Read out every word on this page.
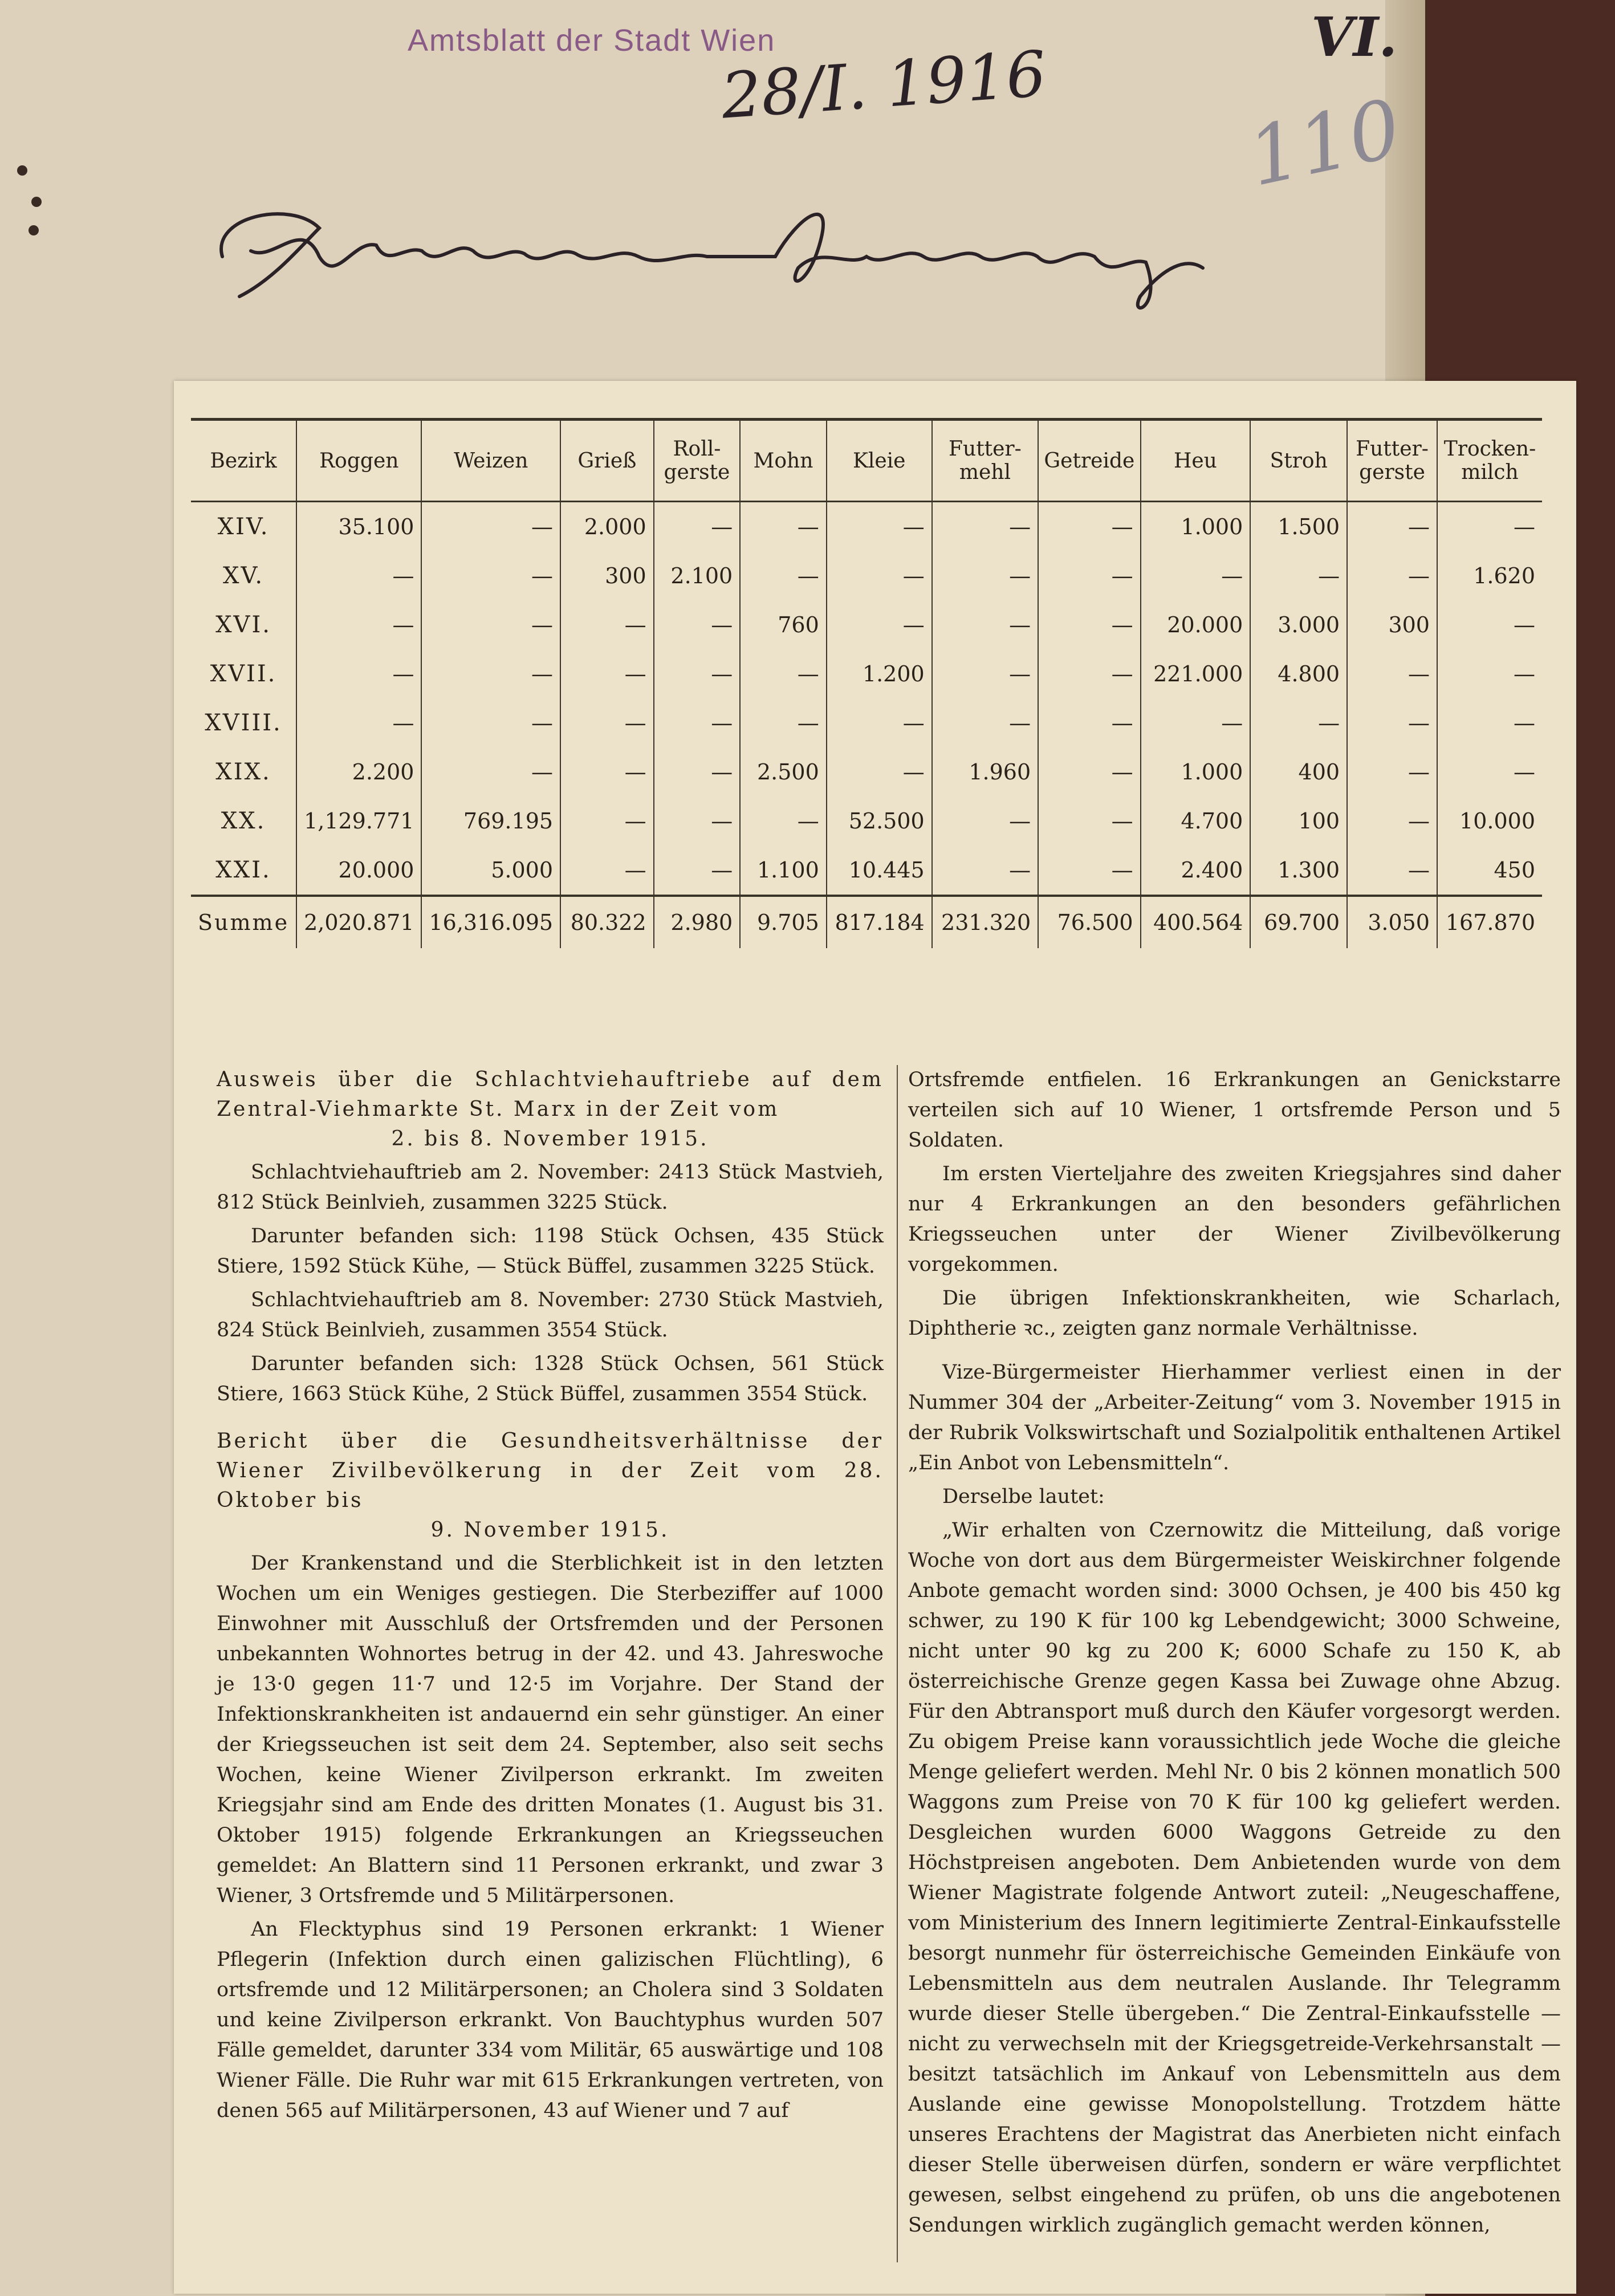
Amtsblatt der Stadt Wien
28/I. 1916	VI.
110
Bezirk	Roggen	Weizen	Grieß	Roll-gerste	Mohn	Kleie	Futter-mehl	Getreide	Heu	Stroh	Futter-gerste	Trocken-milch
XIV.	35.100	—	2.000	—	—	—	—	—	1.000	1.500	—	—
XV.	—	—	300	2.100	—	—	—	—	—	—	—	1.620
XVI.	—	—	—	—	760	—	—	—	20.000	3.000	300	—
XVII.	—	—	—	—	—	1.200	—	—	221.000	4.800	—	—
XVIII.	—	—	—	—	—	—	—	—	—	—	—	—
XIX.	2.200	—	—	—	2.500	—	1.960	—	1.000	400	—	—
XX.	1,129.771	769.195	—	—	—	52.500	—	—	4.700	100	—	10.000
XXI.	20.000	5.000	—	—	1.100	10.445	—	—	2.400	1.300	—	450
Summe	2,020.871	16,316.095	80.322	2.980	9.705	817.184	231.320	76.500	400.564	69.700	3.050	167.870

Ausweis über die Schlachtviehauftriebe auf dem Zentral-Viehmarkte St. Marx in der Zeit vom
2. bis 8. November 1915.

Schlachtviehauftrieb am 2. November: 2413 Stück Mastvieh, 812 Stück Beinlvieh, zusammen 3225 Stück.

Darunter befanden sich: 1198 Stück Ochsen, 435 Stück Stiere, 1592 Stück Kühe, — Stück Büffel, zusammen 3225 Stück.

Schlachtviehauftrieb am 8. November: 2730 Stück Mastvieh, 824 Stück Beinlvieh, zusammen 3554 Stück.

Darunter befanden sich: 1328 Stück Ochsen, 561 Stück Stiere, 1663 Stück Kühe, 2 Stück Büffel, zusammen 3554 Stück.

Bericht über die Gesundheitsverhältnisse der Wiener Zivilbevölkerung in der Zeit vom 28. Oktober bis
9. November 1915.

Der Krankenstand und die Sterblichkeit ist in den letzten Wochen um ein Weniges gestiegen. Die Sterbeziffer auf 1000 Einwohner mit Ausschluß der Ortsfremden und der Personen unbekannten Wohnortes betrug in der 42. und 43. Jahreswoche je 13·0 gegen 11·7 und 12·5 im Vorjahre. Der Stand der Infektionskrankheiten ist andauernd ein sehr günstiger. An einer der Kriegsseuchen ist seit dem 24. September, also seit sechs Wochen, keine Wiener Zivilperson erkrankt. Im zweiten Kriegsjahr sind am Ende des dritten Monates (1. August bis 31. Oktober 1915) folgende Erkrankungen an Kriegsseuchen gemeldet: An Blattern sind 11 Personen erkrankt, und zwar 3 Wiener, 3 Ortsfremde und 5 Militärpersonen.

An Flecktyphus sind 19 Personen erkrankt: 1 Wiener Pflegerin (Infektion durch einen galizischen Flüchtling), 6 ortsfremde und 12 Militärpersonen; an Cholera sind 3 Soldaten und keine Zivilperson erkrankt. Von Bauchtyphus wurden 507 Fälle gemeldet, darunter 334 vom Militär, 65 auswärtige und 108 Wiener Fälle. Die Ruhr war mit 615 Erkrankungen vertreten, von denen 565 auf Militärpersonen, 43 auf Wiener und 7 auf

Ortsfremde entfielen. 16 Erkrankungen an Genickstarre verteilen sich auf 10 Wiener, 1 ortsfremde Person und 5 Soldaten.

Im ersten Vierteljahre des zweiten Kriegsjahres sind daher nur 4 Erkrankungen an den besonders gefährlichen Kriegsseuchen unter der Wiener Zivilbevölkerung vorgekommen.

Die übrigen Infektionskrankheiten, wie Scharlach, Diphtherie ꝛc., zeigten ganz normale Verhältnisse.

Vize-Bürgermeister Hierhammer verliest einen in der Nummer 304 der „Arbeiter-Zeitung“ vom 3. November 1915 in der Rubrik Volkswirtschaft und Sozialpolitik enthaltenen Artikel „Ein Anbot von Lebensmitteln“.

Derselbe lautet:

„Wir erhalten von Czernowitz die Mitteilung, daß vorige Woche von dort aus dem Bürgermeister Weiskirchner folgende Anbote gemacht worden sind: 3000 Ochsen, je 400 bis 450 kg schwer, zu 190 K für 100 kg Lebendgewicht; 3000 Schweine, nicht unter 90 kg zu 200 K; 6000 Schafe zu 150 K, ab österreichische Grenze gegen Kassa bei Zuwage ohne Abzug. Für den Abtransport muß durch den Käufer vorgesorgt werden. Zu obigem Preise kann voraussichtlich jede Woche die gleiche Menge geliefert werden. Mehl Nr. 0 bis 2 können monatlich 500 Waggons zum Preise von 70 K für 100 kg geliefert werden. Desgleichen wurden 6000 Waggons Getreide zu den Höchstpreisen angeboten. Dem Anbietenden wurde von dem Wiener Magistrate folgende Antwort zuteil: „Neugeschaffene, vom Ministerium des Innern legitimierte Zentral-Einkaufsstelle besorgt nunmehr für österreichische Gemeinden Einkäufe von Lebensmitteln aus dem neutralen Auslande. Ihr Telegramm wurde dieser Stelle übergeben.“ Die Zentral-Einkaufsstelle — nicht zu verwechseln mit der Kriegsgetreide-Verkehrsanstalt — besitzt tatsächlich im Ankauf von Lebensmitteln aus dem Auslande eine gewisse Monopolstellung. Trotzdem hätte unseres Erachtens der Magistrat das Anerbieten nicht einfach dieser Stelle überweisen dürfen, sondern er wäre verpflichtet gewesen, selbst eingehend zu prüfen, ob uns die angebotenen Sendungen wirklich zugänglich gemacht werden können,
